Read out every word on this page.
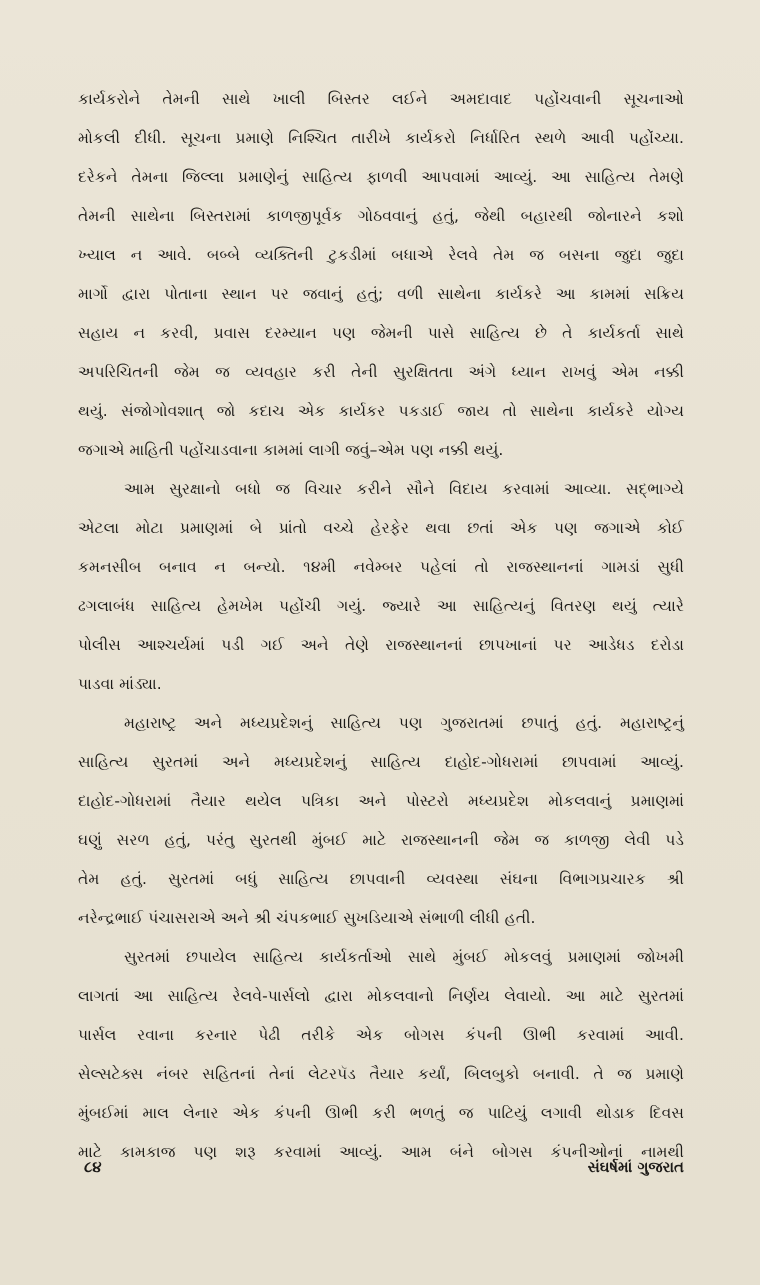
કાર્યકરોને તેમની સાથે ખાલી બિસ્તર લઈને અમદાવાદ પહોંચવાની સૂચનાઓ
મોકલી દીધી. સૂચના પ્રમાણે નિશ્ચિત તારીખે કાર્યકરો નિર્ધારિત સ્થળે આવી પહોંચ્યા.
દરેકને તેમના જિલ્લા પ્રમાણેનું સાહિત્ય ફાળવી આપવામાં આવ્યું. આ સાહિત્ય તેમણે
તેમની સાથેના બિસ્તરામાં કાળજીપૂર્વક ગોઠવવાનું હતું, જેથી બહારથી જોનારને કશો
ખ્યાલ ન આવે. બબ્બે વ્યક્તિની ટુકડીમાં બધાએ રેલવે તેમ જ બસના જુદા જુદા
માર્ગો દ્વારા પોતાના સ્થાન પર જવાનું હતું; વળી સાથેના કાર્યકરે આ કામમાં સક્રિય
સહાય ન કરવી, પ્રવાસ દરમ્યાન પણ જેમની પાસે સાહિત્ય છે તે કાર્યકર્તા સાથે
અપરિચિતની જેમ જ વ્યવહાર કરી તેની સુરક્ષિતતા અંગે ધ્યાન રાખવું એમ નક્કી
થયું. સંજોગોવશાત્ જો કદાચ એક કાર્યકર પકડાઈ જાય તો સાથેના કાર્યકરે યોગ્ય
જગાએ માહિતી પહોંચાડવાના કામમાં લાગી જવું–એમ પણ નક્કી થયું.
આમ સુરક્ષાનો બધો જ વિચાર કરીને સૌને વિદાય કરવામાં આવ્યા. સદ્ભાગ્યે
એટલા મોટા પ્રમાણમાં બે પ્રાંતો વચ્ચે હેરફેર થવા છતાં એક પણ જગાએ કોઈ
કમનસીબ બનાવ ન બન્યો. ૧૪મી નવેમ્બર પહેલાં તો રાજસ્થાનનાં ગામડાં સુધી
ઢગલાબંધ સાહિત્ય હેમખેમ પહોંચી ગયું. જ્યારે આ સાહિત્યનું વિતરણ થયું ત્યારે
પોલીસ આશ્ચર્યમાં પડી ગઈ અને તેણે રાજસ્થાનનાં છાપખાનાં પર આડેધડ દરોડા
પાડવા માંડ્યા.
મહારાષ્ટ્ર અને મધ્યપ્રદેશનું સાહિત્ય પણ ગુજરાતમાં છપાતું હતું. મહારાષ્ટ્રનું
સાહિત્ય સુરતમાં અને મધ્યપ્રદેશનું સાહિત્ય દાહોદ-ગોધરામાં છાપવામાં આવ્યું.
દાહોદ-ગોધરામાં તૈયાર થયેલ પત્રિકા અને પોસ્ટરો મધ્યપ્રદેશ મોકલવાનું પ્રમાણમાં
ઘણું સરળ હતું, પરંતુ સુરતથી મુંબઈ માટે રાજસ્થાનની જેમ જ કાળજી લેવી પડે
તેમ હતું. સુરતમાં બધું સાહિત્ય છાપવાની વ્યવસ્થા સંઘના વિભાગપ્રચારક શ્રી
નરેન્દ્રભાઈ પંચાસરાએ અને શ્રી ચંપકભાઈ સુખડિયાએ સંભાળી લીધી હતી.
સુરતમાં છપાયેલ સાહિત્ય કાર્યકર્તાઓ સાથે મુંબઈ મોકલવું પ્રમાણમાં જોખમી
લાગતાં આ સાહિત્ય રેલવે-પાર્સલો દ્વારા મોકલવાનો નિર્ણય લેવાયો. આ માટે સુરતમાં
પાર્સલ રવાના કરનાર પેઢી તરીકે એક બોગસ કંપની ઊભી કરવામાં આવી.
સેલ્સટેક્સ નંબર સહિતનાં તેનાં લેટરપૅડ તૈયાર કર્યાં, બિલબુકો બનાવી. તે જ પ્રમાણે
મુંબઈમાં માલ લેનાર એક કંપની ઊભી કરી ભળતું જ પાટિયું લગાવી થોડાક દિવસ
માટે કામકાજ પણ શરૂ કરવામાં આવ્યું. આમ બંને બોગસ કંપનીઓનાં નામથી
૮૪	સંઘર્ષમાં ગુજરાત
